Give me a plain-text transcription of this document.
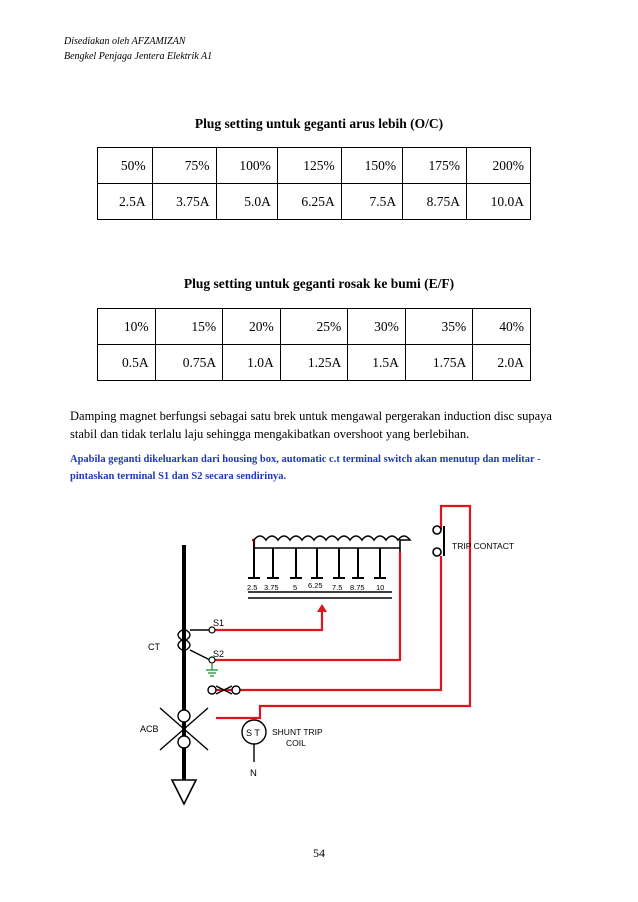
Disediakan oleh AFZAMIZAN
Bengkel Penjaga Jentera Elektrik A1
Plug setting untuk geganti arus lebih (O/C)
50%	75%	100%	125%	150%	175%	200%
2.5A	3.75A	5.0A	6.25A	7.5A	8.75A	10.0A
Plug setting untuk geganti rosak ke bumi (E/F)
10%	15%	20%	25%	30%	35%	40%
0.5A	0.75A	1.0A	1.25A	1.5A	1.75A	2.0A
Damping magnet berfungsi sebagai satu brek untuk mengawal pergerakan induction disc supaya
stabil dan tidak terlalu laju sehingga mengakibatkan overshoot yang berlebihan.
Apabila geganti dikeluarkan dari housing box, automatic c.t terminal switch akan menutup dan melitar -
pintaskan terminal S1 dan S2 secara sendirinya.
2.5 3.75 5 6.25 7.5 8.75 10
TRIP CONTACT
S1
S2
CT
ACB	S T
N
SHUNT TRIP
COIL
54
